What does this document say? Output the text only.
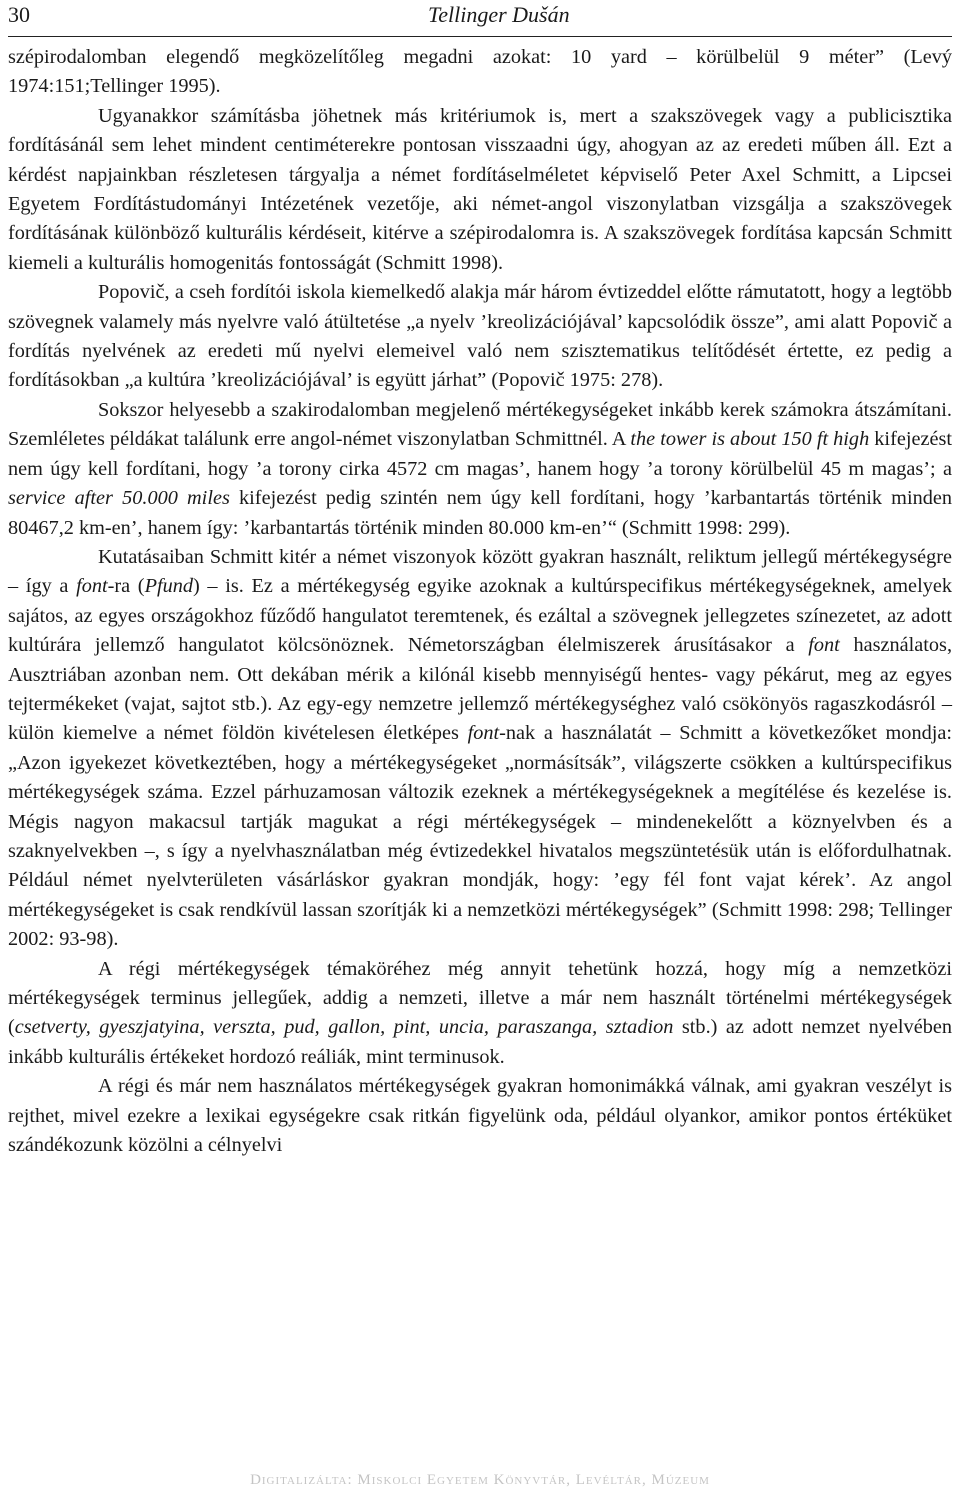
30	Tellinger Dušán

szépirodalomban elegendő megközelítőleg megadni azokat: 10 yard – körülbelül 9 méter” (Levý 1974:151;Tellinger 1995).

Ugyanakkor számításba jöhetnek más kritériumok is, mert a szakszövegek vagy a publicisztika fordításánál sem lehet mindent centiméterekre pontosan visszaadni úgy, ahogyan az az eredeti műben áll. Ezt a kérdést napjainkban részletesen tárgyalja a német fordításelméletet képviselő Peter Axel Schmitt, a Lipcsei Egyetem Fordítástudományi Intézetének vezetője, aki német-angol viszonylatban vizsgálja a szakszövegek fordításának különböző kulturális kérdéseit, kitérve a szépirodalomra is. A szakszövegek fordítása kapcsán Schmitt kiemeli a kulturális homogenitás fontosságát (Schmitt 1998).

Popovič, a cseh fordítói iskola kiemelkedő alakja már három évtizeddel előtte rámutatott, hogy a legtöbb szövegnek valamely más nyelvre való átültetése „a nyelv ’kreolizációjával’ kapcsolódik össze”, ami alatt Popovič a fordítás nyelvének az eredeti mű nyelvi elemeivel való nem szisztematikus telítődését értette, ez pedig a fordításokban „a kultúra ’kreolizációjával’ is együtt járhat” (Popovič 1975: 278).

Sokszor helyesebb a szakirodalomban megjelenő mértékegységeket inkább kerek számokra átszámítani. Szemléletes példákat találunk erre angol-német viszonylatban Schmittnél. A the tower is about 150 ft high kifejezést nem úgy kell fordítani, hogy ’a torony cirka 4572 cm magas’, hanem hogy ’a torony körülbelül 45 m magas’; a service after 50.000 miles kifejezést pedig szintén nem úgy kell fordítani, hogy ’karbantartás történik minden 80467,2 km-en’, hanem így: ’karbantartás történik minden 80.000 km-en’“ (Schmitt 1998: 299).

Kutatásaiban Schmitt kitér a német viszonyok között gyakran használt, reliktum jellegű mértékegységre – így a font-ra (Pfund) – is. Ez a mértékegység egyike azoknak a kultúrspecifikus mértékegységeknek, amelyek sajátos, az egyes országokhoz fűződő hangulatot teremtenek, és ezáltal a szövegnek jellegzetes színezetet, az adott kultúrára jellemző hangulatot kölcsönöznek. Németországban élelmiszerek árusításakor a font használatos, Ausztriában azonban nem. Ott dekában mérik a kilónál kisebb mennyiségű hentes- vagy pékárut, meg az egyes tejtermékeket (vajat, sajtot stb.). Az egy-egy nemzetre jellemző mértékegységhez való csökönyös ragaszkodásról – külön kiemelve a német földön kivételesen életképes font-nak a használatát – Schmitt a következőket mondja: „Azon igyekezet következtében, hogy a mértékegységeket „normásítsák”, világszerte csökken a kultúrspecifikus mértékegységek száma. Ezzel párhuzamosan változik ezeknek a mértékegységeknek a megítélése és kezelése is. Mégis nagyon makacsul tartják magukat a régi mértékegységek – mindenekelőtt a köznyelvben és a szaknyelvekben –, s így a nyelvhasználatban még évtizedekkel hivatalos megszüntetésük után is előfordulhatnak. Például német nyelvterületen vásárláskor gyakran mondják, hogy: ’egy fél font vajat kérek’. Az angol mértékegységeket is csak rendkívül lassan szorítják ki a nemzetközi mértékegységek” (Schmitt 1998: 298; Tellinger 2002: 93-98).

A régi mértékegységek témaköréhez még annyit tehetünk hozzá, hogy míg a nemzetközi mértékegységek terminus jellegűek, addig a nemzeti, illetve a már nem használt történelmi mértékegységek (csetverty, gyeszjatyina, verszta, pud, gallon, pint, uncia, paraszanga, sztadion stb.) az adott nemzet nyelvében inkább kulturális értékeket hordozó reáliák, mint terminusok.

A régi és már nem használatos mértékegységek gyakran homonimákká válnak, ami gyakran veszélyt is rejthet, mivel ezekre a lexikai egységekre csak ritkán figyelünk oda, például olyankor, amikor pontos értéküket szándékozunk közölni a célnyelvi

Digitalizálta: Miskolci Egyetem Könyvtár, Levéltár, Múzeum
